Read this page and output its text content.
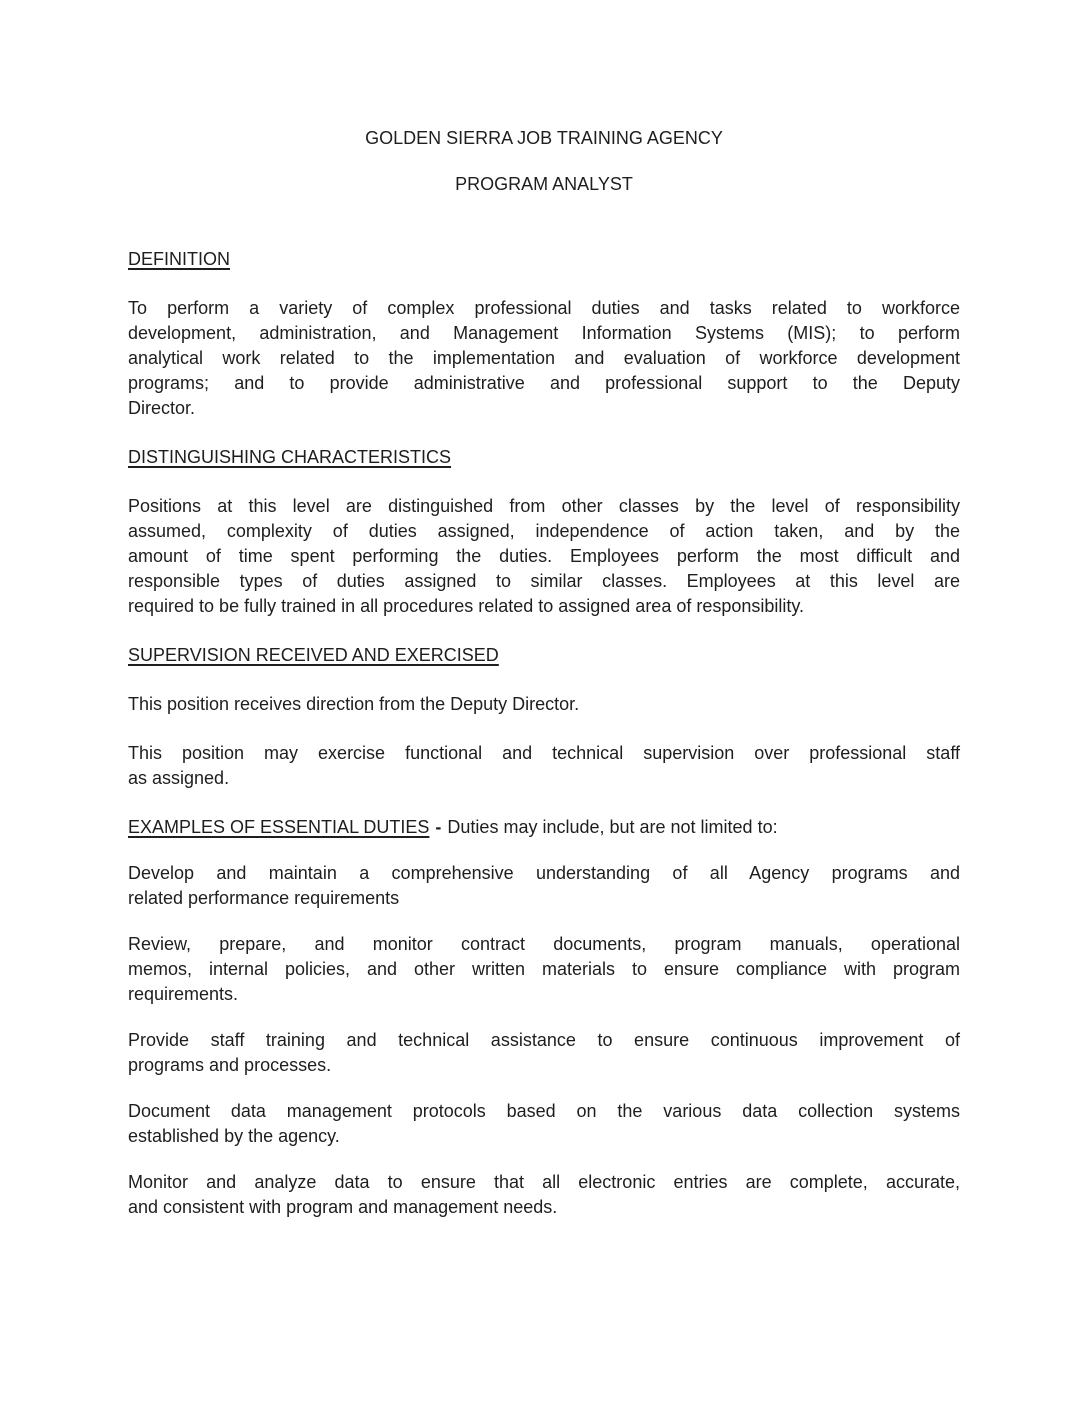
GOLDEN SIERRA JOB TRAINING AGENCY
PROGRAM ANALYST
DEFINITION
To perform a variety of complex professional duties and tasks related to workforce
development, administration, and Management Information Systems (MIS); to perform
analytical work related to the implementation and evaluation of workforce development
programs; and to provide administrative and professional support to the Deputy
Director.
DISTINGUISHING CHARACTERISTICS
Positions at this level are distinguished from other classes by the level of responsibility
assumed, complexity of duties assigned, independence of action taken, and by the
amount of time spent performing the duties. Employees perform the most difficult and
responsible types of duties assigned to similar classes. Employees at this level are
required to be fully trained in all procedures related to assigned area of responsibility.
SUPERVISION RECEIVED AND EXERCISED
This position receives direction from the Deputy Director.
This position may exercise functional and technical supervision over professional staff
as assigned.
EXAMPLES OF ESSENTIAL DUTIES - Duties may include, but are not limited to:
Develop and maintain a comprehensive understanding of all Agency programs and
related performance requirements
Review, prepare, and monitor contract documents, program manuals, operational
memos, internal policies, and other written materials to ensure compliance with program
requirements.
Provide staff training and technical assistance to ensure continuous improvement of
programs and processes.
Document data management protocols based on the various data collection systems
established by the agency.
Monitor and analyze data to ensure that all electronic entries are complete, accurate,
and consistent with program and management needs.
